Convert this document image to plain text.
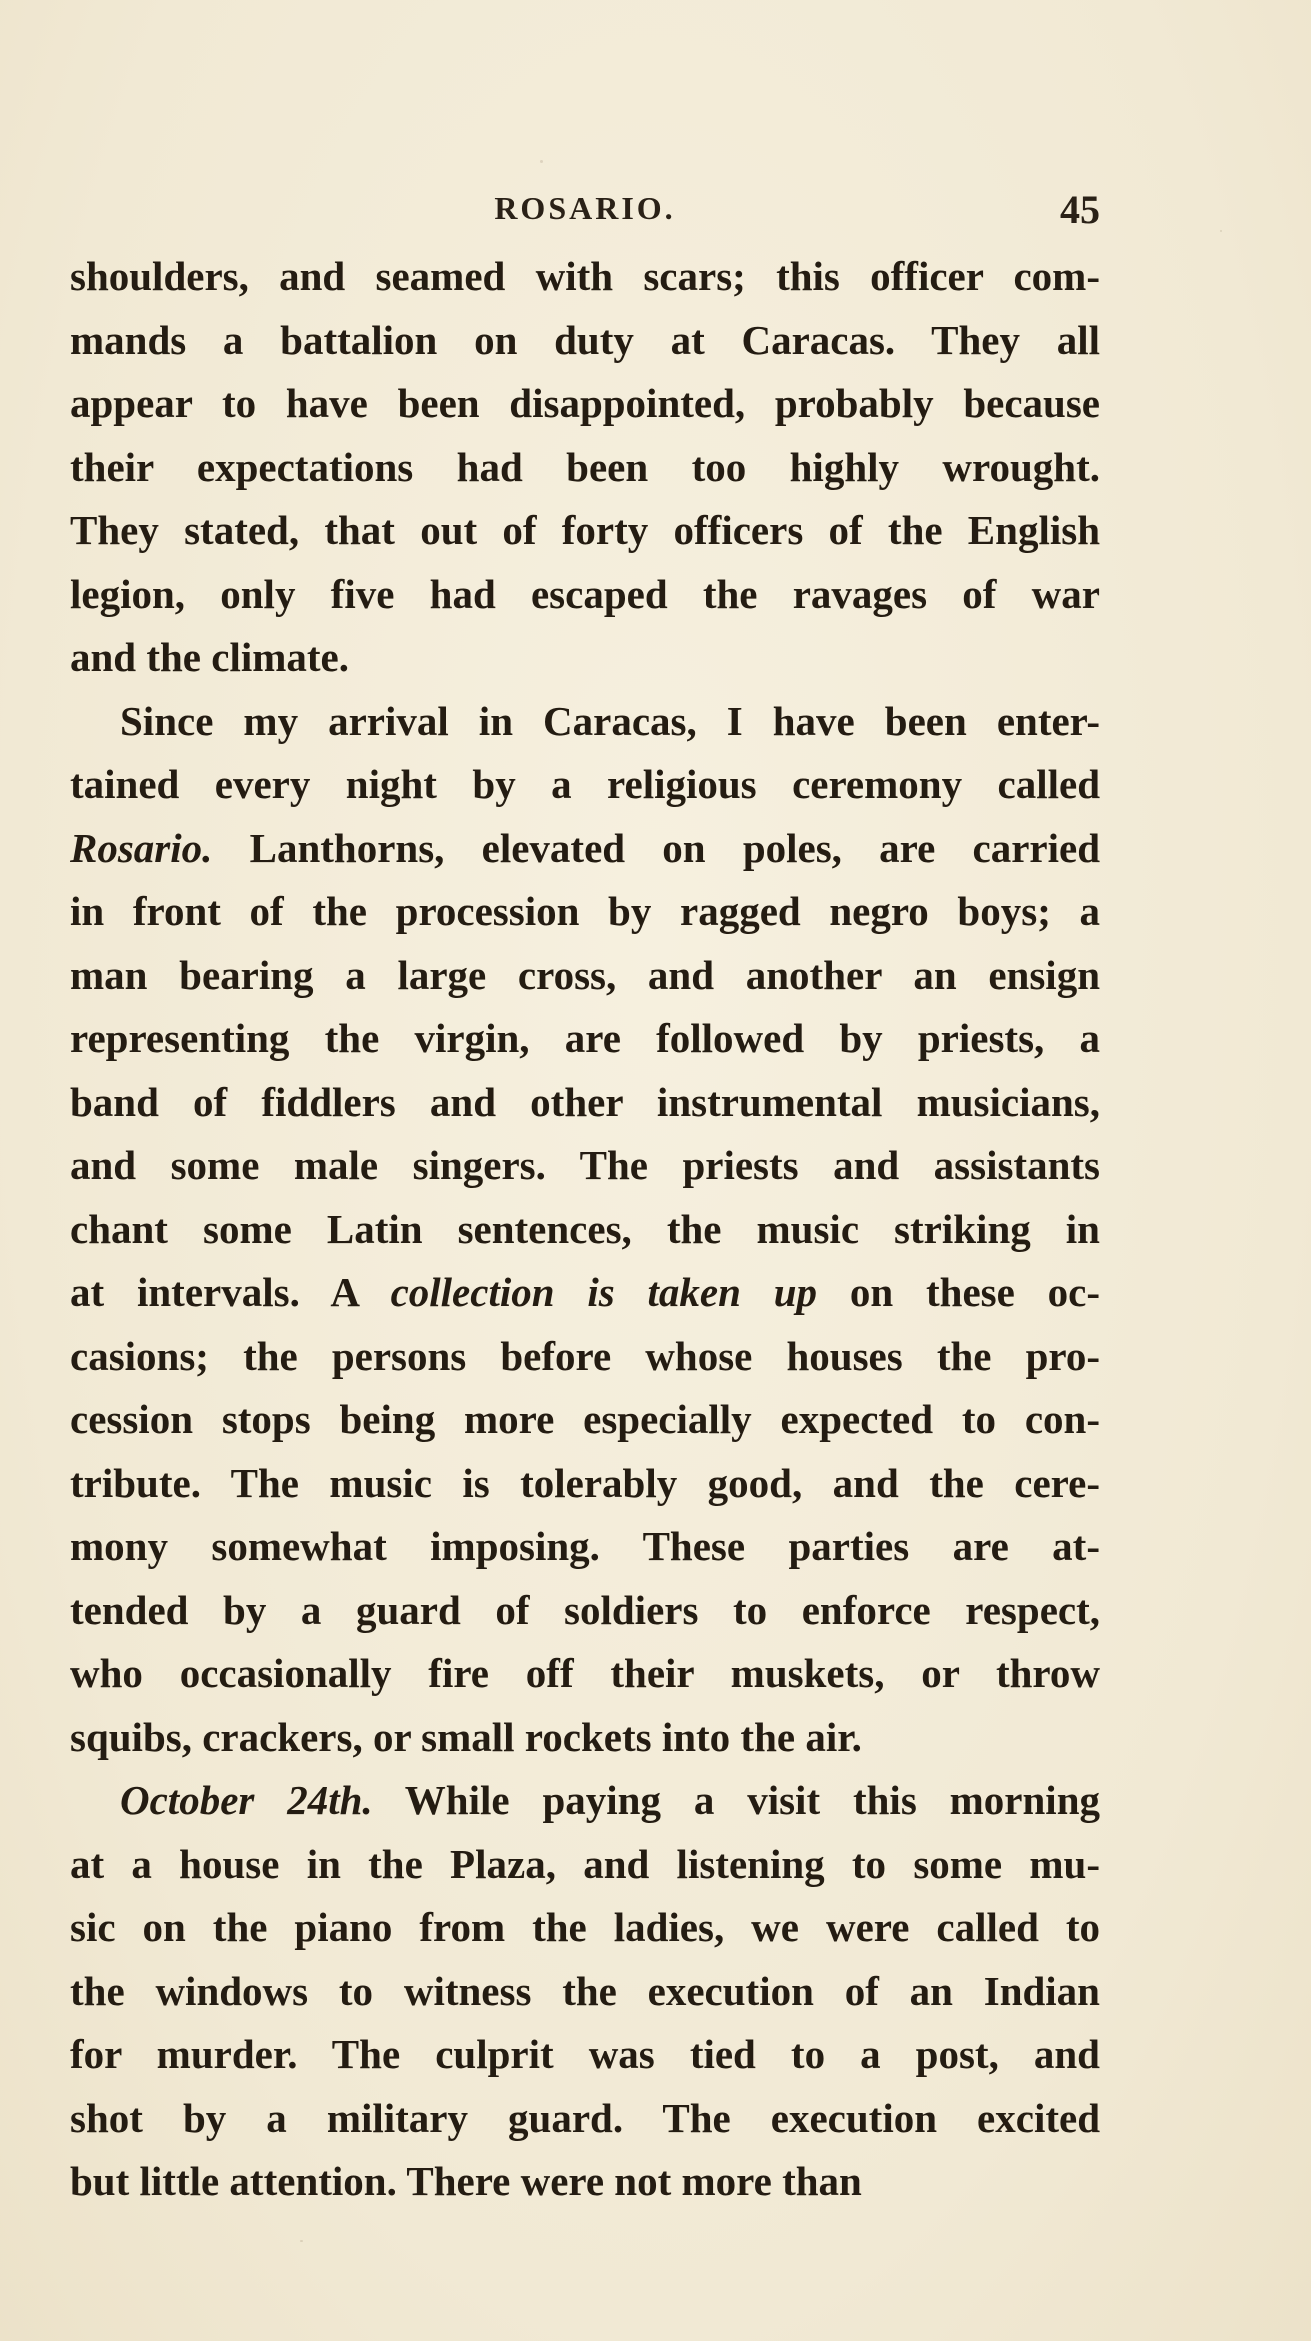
ROSARIO.	45
shoulders, and seamed with scars; this officer com-
mands a battalion on duty at Caracas. They all
appear to have been disappointed, probably because
their expectations had been too highly wrought.
They stated, that out of forty officers of the English
legion, only five had escaped the ravages of war
and the climate.
Since my arrival in Caracas, I have been enter-
tained every night by a religious ceremony called
Rosario. Lanthorns, elevated on poles, are carried
in front of the procession by ragged negro boys; a
man bearing a large cross, and another an ensign
representing the virgin, are followed by priests, a
band of fiddlers and other instrumental musicians,
and some male singers. The priests and assistants
chant some Latin sentences, the music striking in
at intervals. A collection is taken up on these oc-
casions; the persons before whose houses the pro-
cession stops being more especially expected to con-
tribute. The music is tolerably good, and the cere-
mony somewhat imposing. These parties are at-
tended by a guard of soldiers to enforce respect,
who occasionally fire off their muskets, or throw
squibs, crackers, or small rockets into the air.
October 24th. While paying a visit this morning
at a house in the Plaza, and listening to some mu-
sic on the piano from the ladies, we were called to
the windows to witness the execution of an Indian
for murder. The culprit was tied to a post, and
shot by a military guard. The execution excited
but little attention. There were not more than
